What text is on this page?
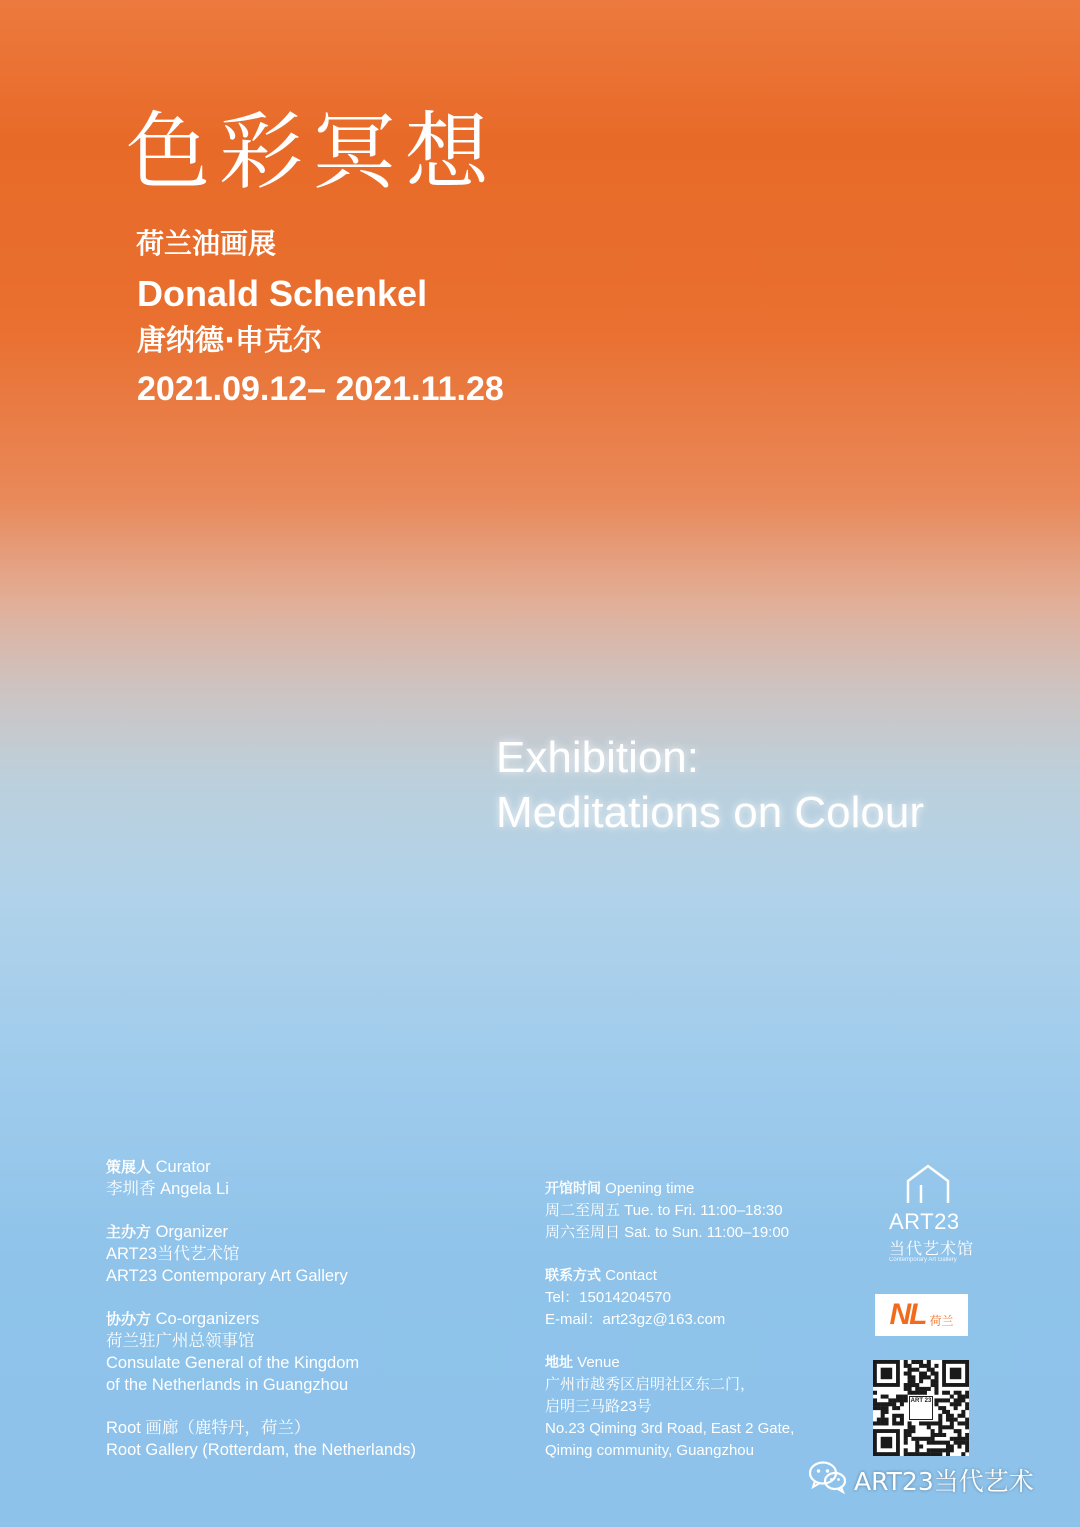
色彩冥想
荷兰油画展
Donald Schenkel
唐纳德·申克尔
2021.09.12– 2021.11.28
Exhibition:
Meditations on Colour

策展人 Curator

李圳香 Angela Li

主办方 Organizer

ART23当代艺术馆

ART23 Contemporary Art Gallery

协办方 Co-organizers

荷兰驻广州总领事馆

Consulate General of the Kingdom

of the Netherlands in Guangzhou

Root 画廊（鹿特丹，荷兰）

Root Gallery (Rotterdam, the Netherlands)

开馆时间 Opening time

周二至周五 Tue. to Fri. 11:00–18:30

周六至周日 Sat. to Sun. 11:00–19:00

联系方式 Contact

Tel：15014204570

E-mail：art23gz@163.com

地址 Venue

广州市越秀区启明社区东二门，

启明三马路23号

No.23 Qiming 3rd Road, East 2 Gate,

Qiming community, Guangzhou

ART23
当代艺术馆
Contemporary Art Gallery
NL 荷兰
ART 23
ART23当代艺术
